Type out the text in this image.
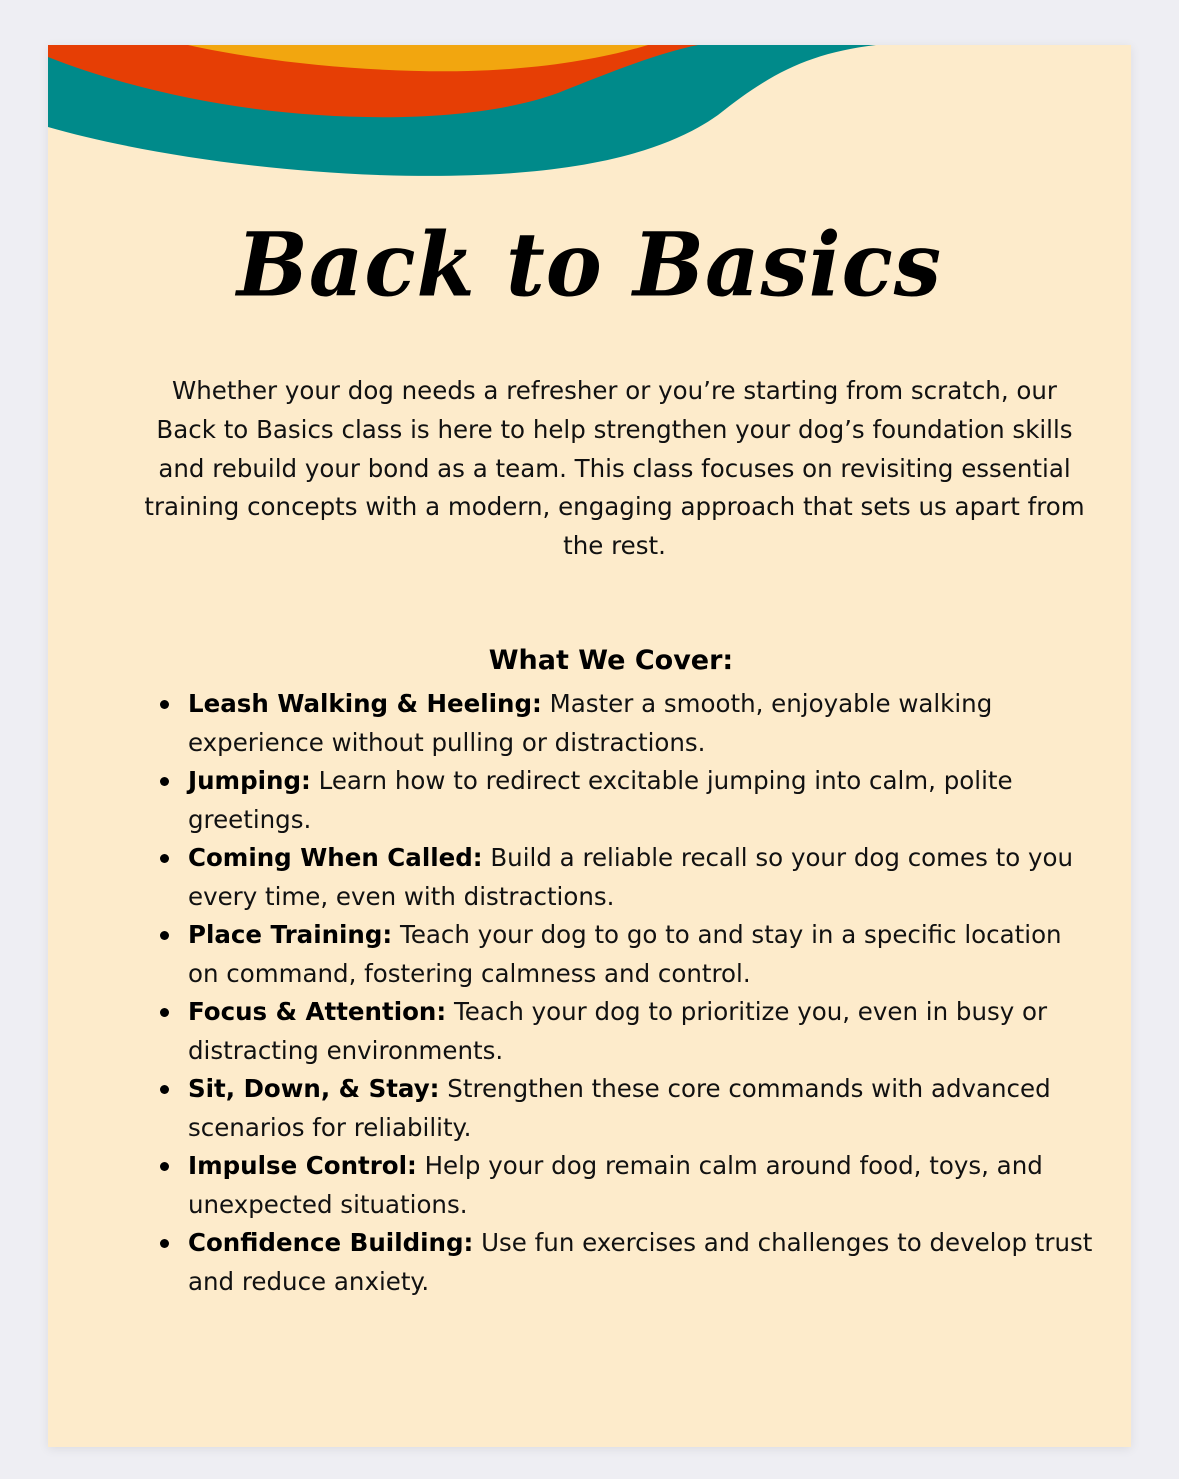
Back to Basics

Whether your dog needs a refresher or you’re starting from scratch, our Back to Basics class is here to help strengthen your dog’s foundation skills and rebuild your bond as a team. This class focuses on revisiting essential training concepts with a modern, engaging approach that sets us apart from the rest.

What We Cover:
Leash Walking & Heeling: Master a smooth, enjoyable walking experience without pulling or distractions.
Jumping: Learn how to redirect excitable jumping into calm, polite greetings.
Coming When Called: Build a reliable recall so your dog comes to you every time, even with distractions.
Place Training: Teach your dog to go to and stay in a specific location on command, fostering calmness and control.
Focus & Attention: Teach your dog to prioritize you, even in busy or distracting environments.
Sit, Down, & Stay: Strengthen these core commands with advanced scenarios for reliability.
Impulse Control: Help your dog remain calm around food, toys, and unexpected situations.
Confidence Building: Use fun exercises and challenges to develop trust and reduce anxiety.
